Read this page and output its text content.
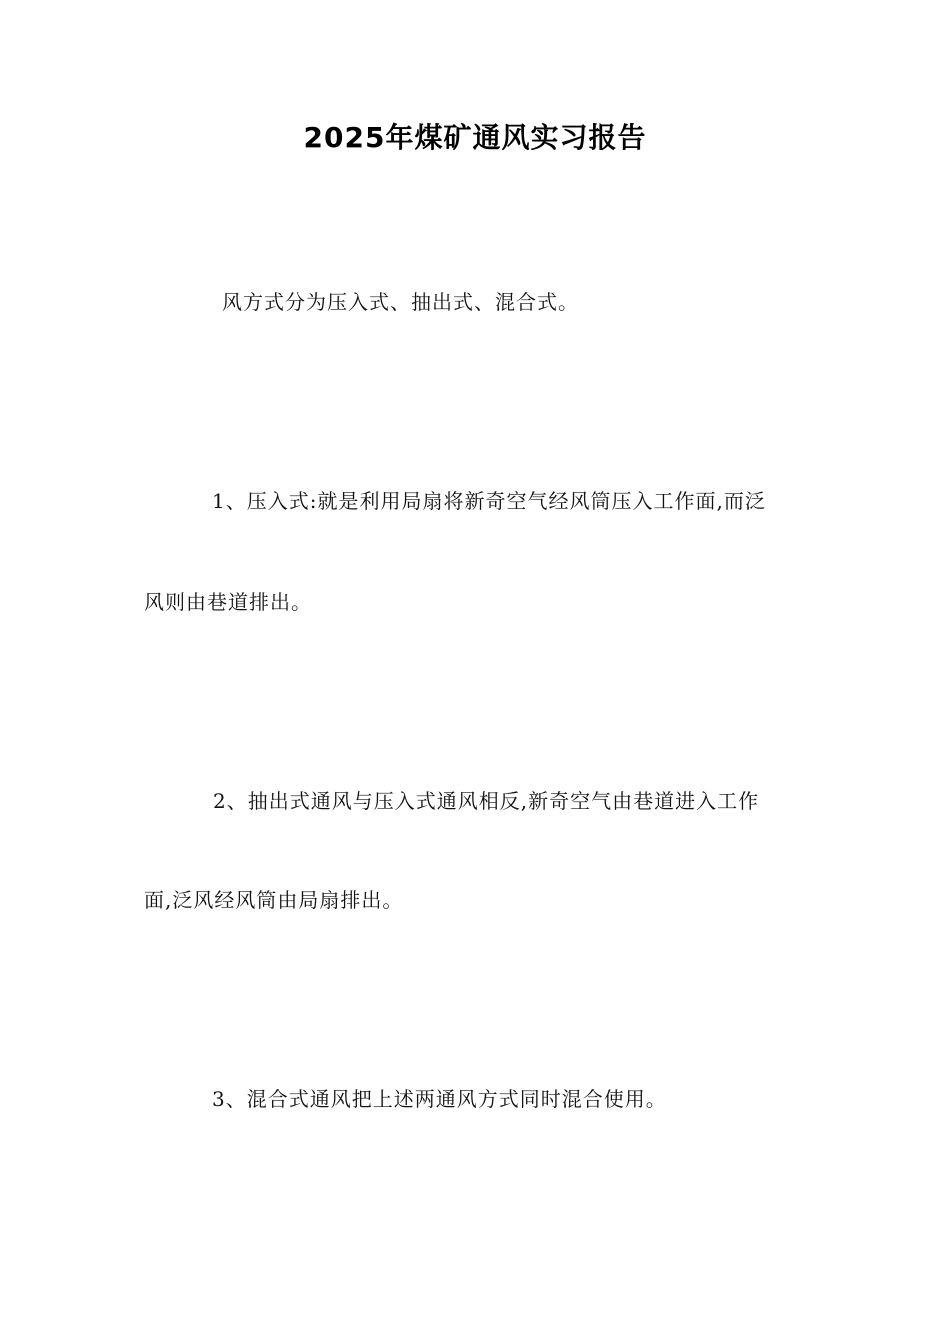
2025年煤矿通风实习报告
风方式分为压入式、抽出式、混合式。
1、压入式:就是利用局扇将新奇空气经风筒压入工作面,而泛
风则由巷道排出。
2、抽出式通风与压入式通风相反,新奇空气由巷道进入工作
面,泛风经风筒由局扇排出。
3、混合式通风把上述两通风方式同时混合使用。
